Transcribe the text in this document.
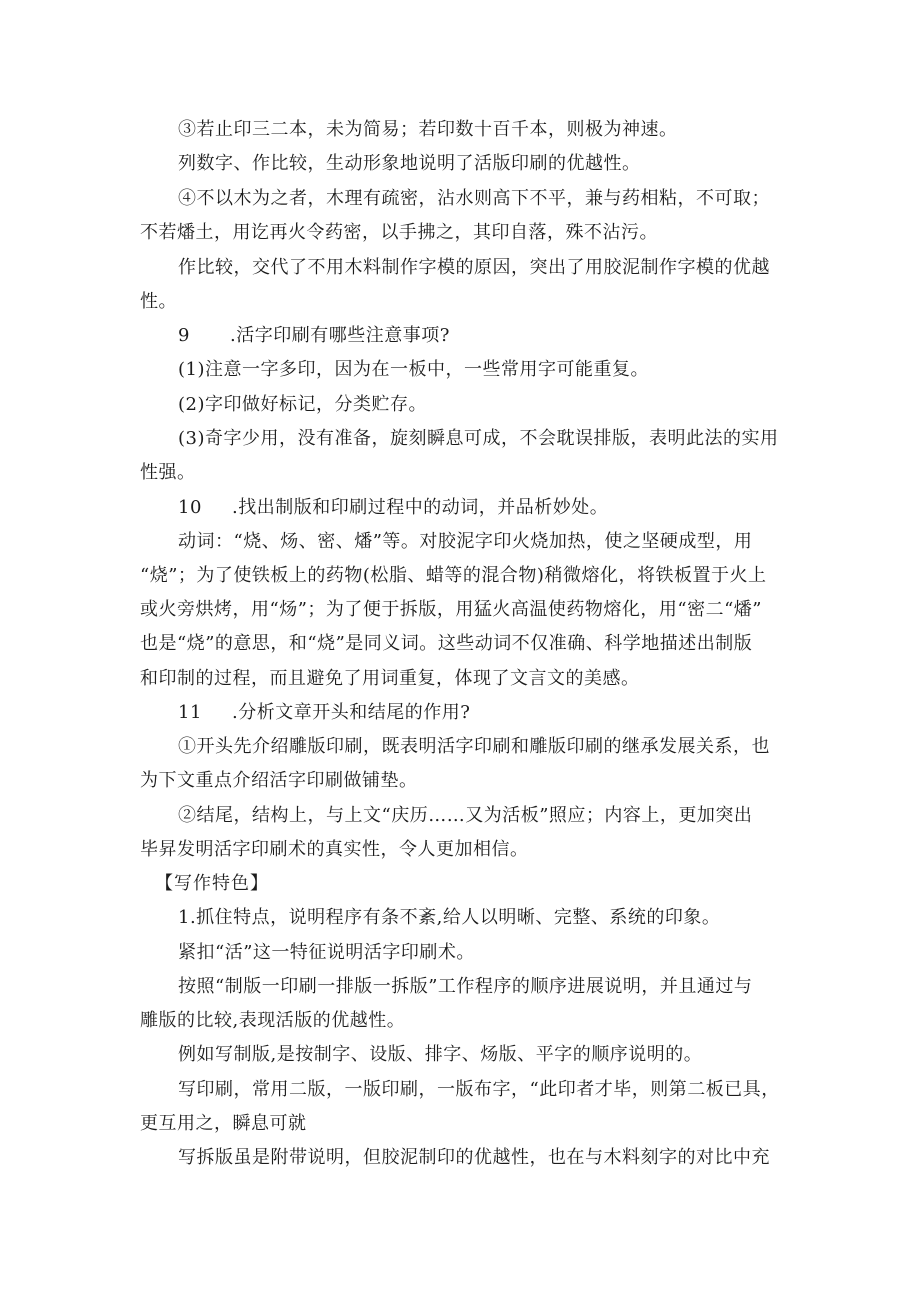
③若止印三二本，未为简易；若印数十百千本，则极为神速。
列数字、作比较，生动形象地说明了活版印刷的优越性。
④不以木为之者，木理有疏密，沾水则高下不平，兼与药相粘，不可取；
不若燔土，用讫再火令药密，以手拂之，其印自落，殊不沾污。
作比较，交代了不用木料制作字模的原因，突出了用胶泥制作字模的优越
性。
9 .活字印刷有哪些注意事项?
(1)注意一字多印，因为在一板中，一些常用字可能重复。
(2)字印做好标记，分类贮存。
(3)奇字少用，没有准备，旋刻瞬息可成，不会耽误排版，表明此法的实用
性强。
10 .找出制版和印刷过程中的动词，并品析妙处。
动词：“烧、炀、密、燔”等。对胶泥字印火烧加热，使之坚硬成型，用
“烧”；为了使铁板上的药物(松脂、蜡等的混合物)稍微熔化，将铁板置于火上
或火旁烘烤，用“炀”；为了便于拆版，用猛火高温使药物熔化，用“密二“燔”
也是“烧”的意思，和“烧”是同义词。这些动词不仅准确、科学地描述出制版
和印制的过程，而且避免了用词重复，体现了文言文的美感。
11 .分析文章开头和结尾的作用?
①开头先介绍雕版印刷，既表明活字印刷和雕版印刷的继承发展关系，也
为下文重点介绍活字印刷做铺垫。
②结尾，结构上，与上文“庆历……又为活板”照应；内容上，更加突出
毕昇发明活字印刷术的真实性，令人更加相信。
【写作特色】
1.抓住特点，说明程序有条不紊,给人以明晰、完整、系统的印象。
紧扣“活”这一特征说明活字印刷术。
按照“制版一印刷一排版一拆版”工作程序的顺序进展说明，并且通过与
雕版的比较,表现活版的优越性。
例如写制版,是按制字、设版、排字、炀版、平字的顺序说明的。
写印刷，常用二版，一版印刷，一版布字，“此印者才毕，则第二板已具，
更互用之，瞬息可就
写拆版虽是附带说明，但胶泥制印的优越性，也在与木料刻字的对比中充
